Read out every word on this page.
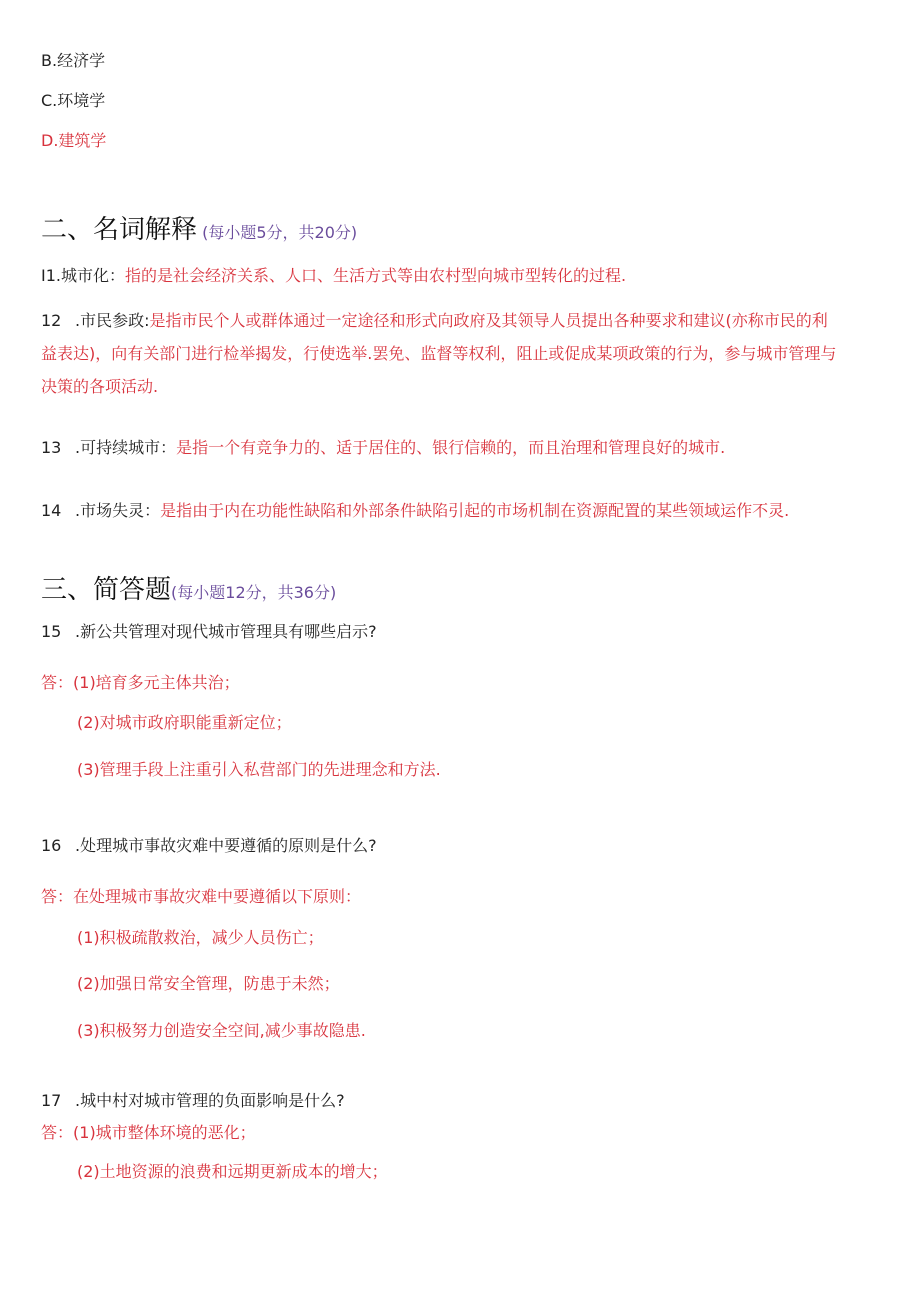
B.经济学
C.环境学
D.建筑学
二、名词解释 (每小题5分，共20分)
I1.城市化：指的是社会经济关系、人口、生活方式等由农村型向城市型转化的过程.
12 .市民参政:是指市民个人或群体通过一定途径和形式向政府及其领导人员提出各种要求和建议(亦称市民的利
益表达)，向有关部门进行检举揭发，行使选举.罢免、监督等权利，阻止或促成某项政策的行为，参与城市管理与
决策的各项活动.
13 .可持续城市：是指一个有竞争力的、适于居住的、银行信赖的，而且治理和管理良好的城市.
14 .市场失灵：是指由于内在功能性缺陷和外部条件缺陷引起的市场机制在资源配置的某些领域运作不灵.
三、简答题(每小题12分，共36分)
15 .新公共管理对现代城市管理具有哪些启示?
答：(1)培育多元主体共治；
(2)对城市政府职能重新定位；
(3)管理手段上注重引入私营部门的先进理念和方法.
16 .处理城市事故灾难中要遵循的原则是什么?
答：在处理城市事故灾难中要遵循以下原则：
(1)积极疏散救治，减少人员伤亡；
(2)加强日常安全管理，防患于未然；
(3)积极努力创造安全空间,减少事故隐患.
17 .城中村对城市管理的负面影响是什么?
答：(1)城市整体环境的恶化；
(2)土地资源的浪费和远期更新成本的增大；
